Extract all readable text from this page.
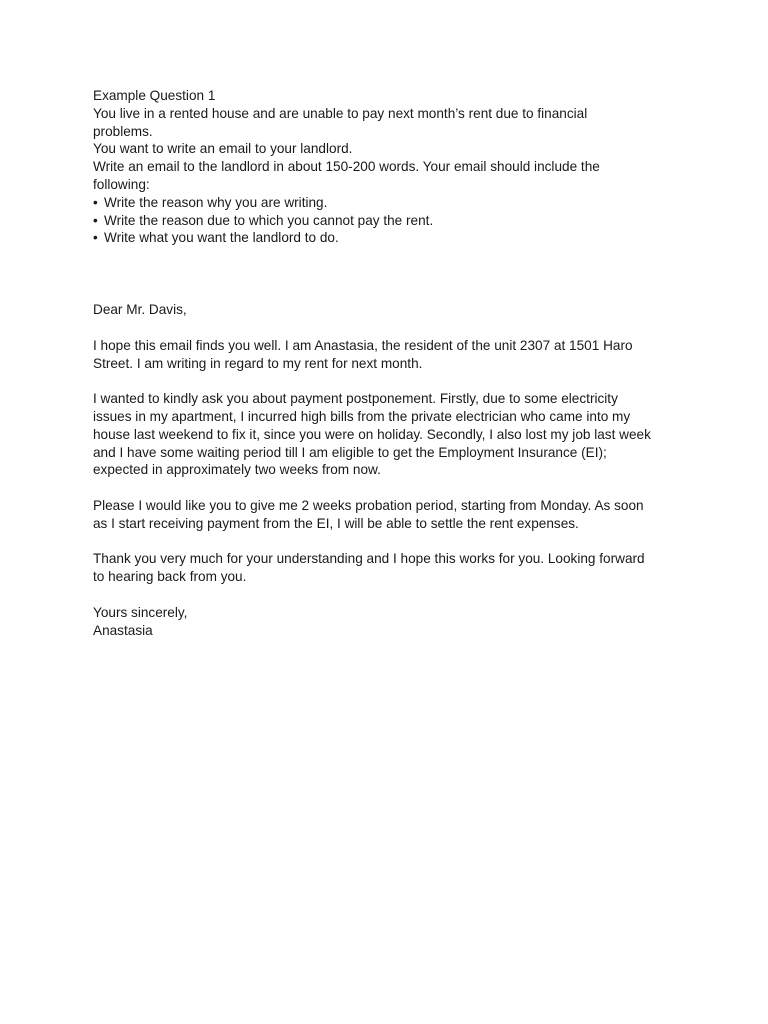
Example Question 1
You live in a rented house and are unable to pay next month’s rent due to financial
problems.
You want to write an email to your landlord.
Write an email to the landlord in about 150-200 words. Your email should include the
following:
• Write the reason why you are writing.
• Write the reason due to which you cannot pay the rent.
• Write what you want the landlord to do.
Dear Mr. Davis,
I hope this email finds you well. I am Anastasia, the resident of the unit 2307 at 1501 Haro
Street. I am writing in regard to my rent for next month.
I wanted to kindly ask you about payment postponement. Firstly, due to some electricity
issues in my apartment, I incurred high bills from the private electrician who came into my
house last weekend to fix it, since you were on holiday. Secondly, I also lost my job last week
and I have some waiting period till I am eligible to get the Employment Insurance (EI);
expected in approximately two weeks from now.
Please I would like you to give me 2 weeks probation period, starting from Monday. As soon
as I start receiving payment from the EI, I will be able to settle the rent expenses.
Thank you very much for your understanding and I hope this works for you. Looking forward
to hearing back from you.
Yours sincerely,
Anastasia
